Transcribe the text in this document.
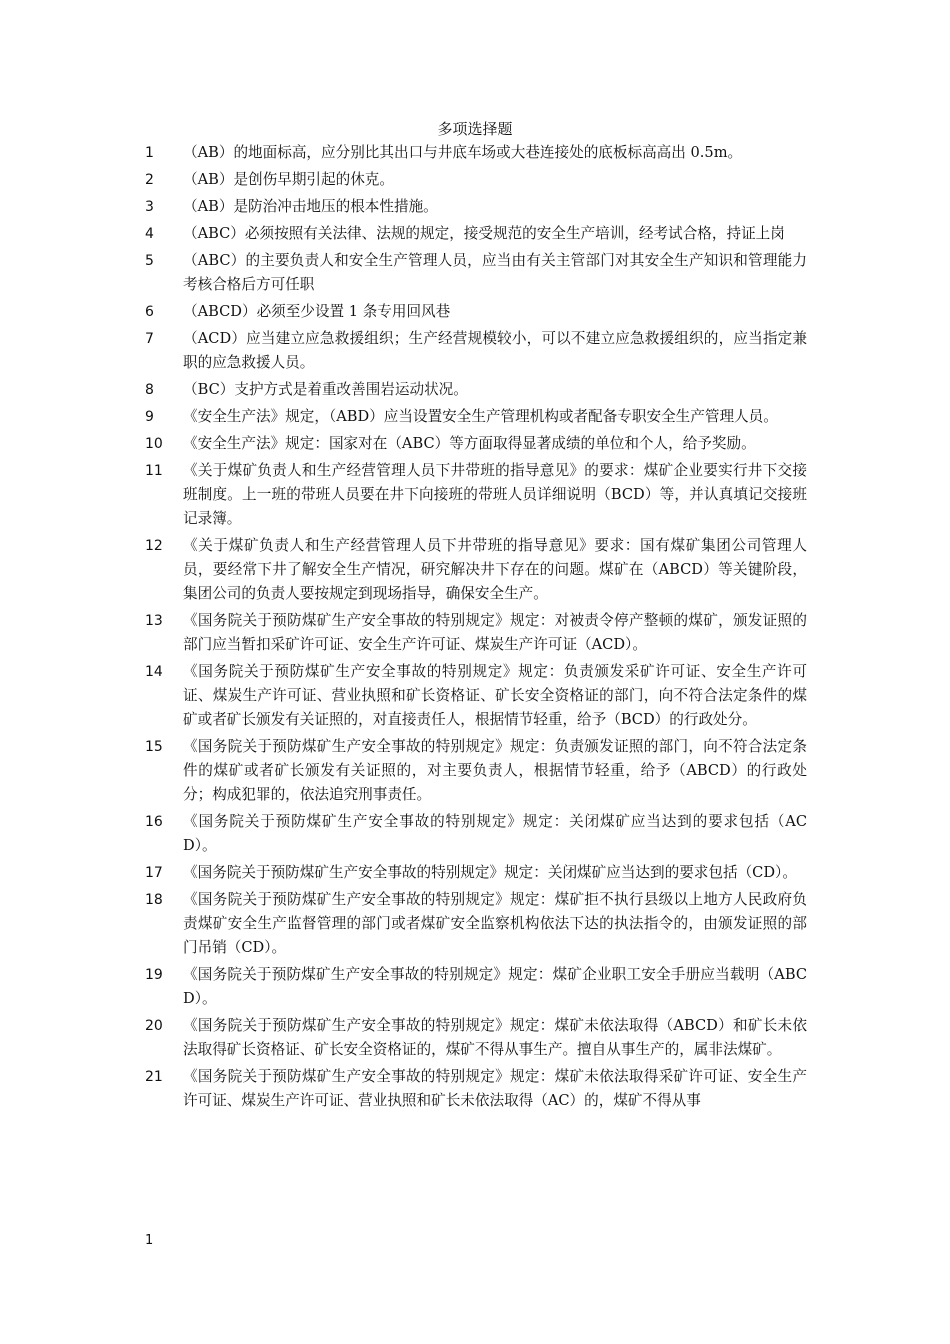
多项选择题
1	（AB）的地面标高，应分别比其出口与井底车场或大巷连接处的底板标高高出 0.5m。
2	（AB）是创伤早期引起的休克。
3	（AB）是防治冲击地压的根本性措施。
4	（ABC）必须按照有关法律、法规的规定，接受规范的安全生产培训，经考试合格，持证上岗
5	（ABC）的主要负责人和安全生产管理人员，应当由有关主管部门对其安全生产知识和管理能力考核合格后方可任职
6	（ABCD）必须至少设置 1 条专用回风巷
7	（ACD）应当建立应急救援组织；生产经营规模较小，可以不建立应急救援组织的，应当指定兼职的应急救援人员。
8	（BC）支护方式是着重改善围岩运动状况。
9	《安全生产法》规定，（ABD）应当设置安全生产管理机构或者配备专职安全生产管理人员。
10	《安全生产法》规定：国家对在（ABC）等方面取得显著成绩的单位和个人，给予奖励。
11	《关于煤矿负责人和生产经营管理人员下井带班的指导意见》的要求：煤矿企业要实行井下交接班制度。上一班的带班人员要在井下向接班的带班人员详细说明（BCD）等，并认真填记交接班记录簿。
12	《关于煤矿负责人和生产经营管理人员下井带班的指导意见》要求：国有煤矿集团公司管理人员，要经常下井了解安全生产情况，研究解决井下存在的问题。煤矿在（ABCD）等关键阶段，集团公司的负责人要按规定到现场指导，确保安全生产。
13	《国务院关于预防煤矿生产安全事故的特别规定》规定：对被责令停产整顿的煤矿，颁发证照的部门应当暂扣采矿许可证、安全生产许可证、煤炭生产许可证（ACD）。
14	《国务院关于预防煤矿生产安全事故的特别规定》规定：负责颁发采矿许可证、安全生产许可证、煤炭生产许可证、营业执照和矿长资格证、矿长安全资格证的部门，向不符合法定条件的煤矿或者矿长颁发有关证照的，对直接责任人，根据情节轻重，给予（BCD）的行政处分。
15	《国务院关于预防煤矿生产安全事故的特别规定》规定：负责颁发证照的部门，向不符合法定条件的煤矿或者矿长颁发有关证照的，对主要负责人，根据情节轻重，给予（ABCD）的行政处分；构成犯罪的，依法追究刑事责任。
16	《国务院关于预防煤矿生产安全事故的特别规定》规定：关闭煤矿应当达到的要求包括（ACD）。
17	《国务院关于预防煤矿生产安全事故的特别规定》规定：关闭煤矿应当达到的要求包括（CD）。
18	《国务院关于预防煤矿生产安全事故的特别规定》规定：煤矿拒不执行县级以上地方人民政府负责煤矿安全生产监督管理的部门或者煤矿安全监察机构依法下达的执法指令的，由颁发证照的部门吊销（CD）。
19	《国务院关于预防煤矿生产安全事故的特别规定》规定：煤矿企业职工安全手册应当载明（ABCD）。
20	《国务院关于预防煤矿生产安全事故的特别规定》规定：煤矿未依法取得（ABCD）和矿长未依法取得矿长资格证、矿长安全资格证的，煤矿不得从事生产。擅自从事生产的，属非法煤矿。
21	《国务院关于预防煤矿生产安全事故的特别规定》规定：煤矿未依法取得采矿许可证、安全生产许可证、煤炭生产许可证、营业执照和矿长未依法取得（AC）的，煤矿不得从事
1
